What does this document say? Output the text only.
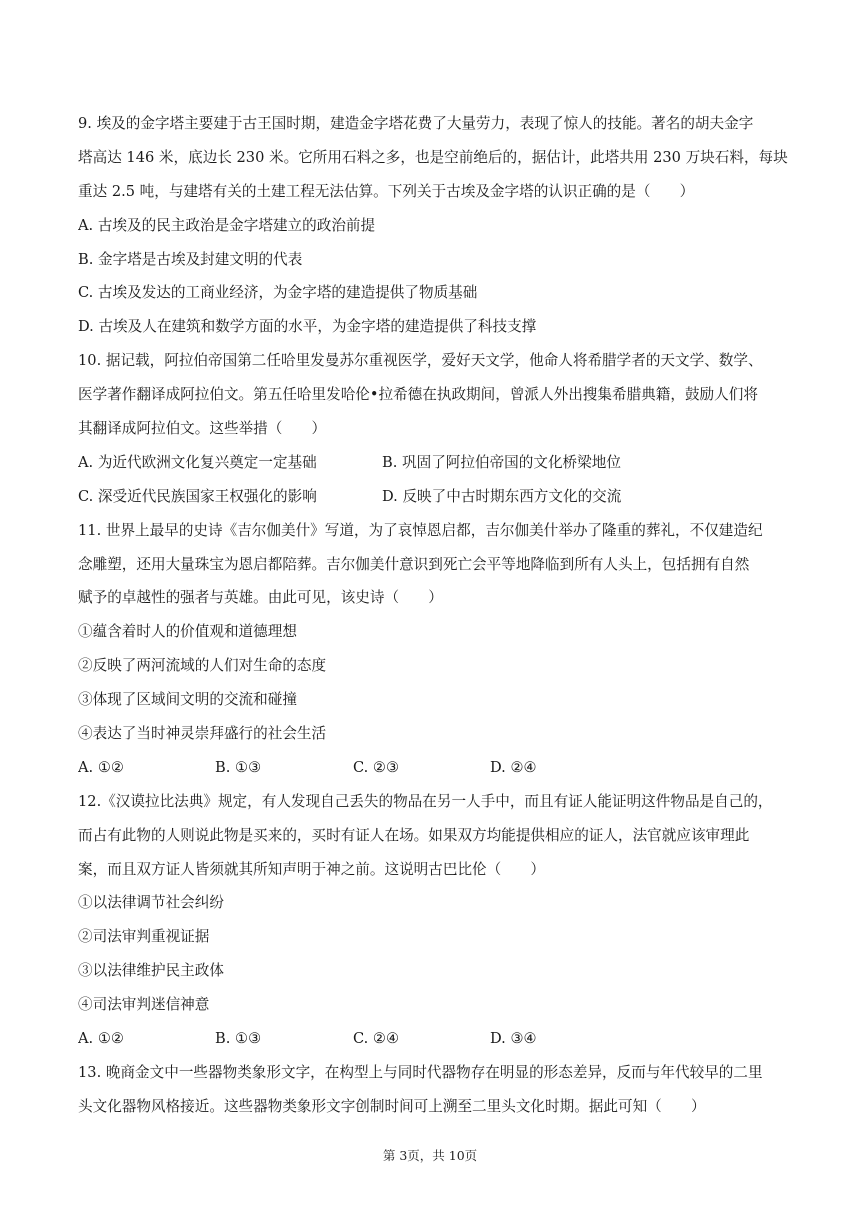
9. 埃及的金字塔主要建于古王国时期，建造金字塔花费了大量劳力，表现了惊人的技能。著名的胡夫金字
塔高达 146 米，底边长 230 米。它所用石料之多，也是空前绝后的，据估计，此塔共用 230 万块石料，每块
重达 2.5 吨，与建塔有关的土建工程无法估算。下列关于古埃及金字塔的认识正确的是（　　）
A. 古埃及的民主政治是金字塔建立的政治前提
B. 金字塔是古埃及封建文明的代表
C. 古埃及发达的工商业经济，为金字塔的建造提供了物质基础
D. 古埃及人在建筑和数学方面的水平，为金字塔的建造提供了科技支撑
10. 据记载，阿拉伯帝国第二任哈里发曼苏尔重视医学，爱好天文学，他命人将希腊学者的天文学、数学、
医学著作翻译成阿拉伯文。第五任哈里发哈伦•拉希德在执政期间，曾派人外出搜集希腊典籍，鼓励人们将
其翻译成阿拉伯文。这些举措（　　）
A. 为近代欧洲文化复兴奠定一定基础	B. 巩固了阿拉伯帝国的文化桥梁地位
C. 深受近代民族国家王权强化的影响	D. 反映了中古时期东西方文化的交流
11. 世界上最早的史诗《吉尔伽美什》写道，为了哀悼恩启都，吉尔伽美什举办了隆重的葬礼，不仅建造纪
念雕塑，还用大量珠宝为恩启都陪葬。吉尔伽美什意识到死亡会平等地降临到所有人头上，包括拥有自然
赋予的卓越性的强者与英雄。由此可见，该史诗（　　）
①蕴含着时人的价值观和道德理想
②反映了两河流域的人们对生命的态度
③体现了区域间文明的交流和碰撞
④表达了当时神灵崇拜盛行的社会生活
A. ①②	B. ①③	C. ②③	D. ②④
12.《汉谟拉比法典》规定，有人发现自己丢失的物品在另一人手中，而且有证人能证明这件物品是自己的，
而占有此物的人则说此物是买来的，买时有证人在场。如果双方均能提供相应的证人，法官就应该审理此
案，而且双方证人皆须就其所知声明于神之前。这说明古巴比伦（　　）
①以法律调节社会纠纷
②司法审判重视证据
③以法律维护民主政体
④司法审判迷信神意
A. ①②	B. ①③	C. ②④	D. ③④
13. 晚商金文中一些器物类象形文字，在构型上与同时代器物存在明显的形态差异，反而与年代较早的二里
头文化器物风格接近。这些器物类象形文字创制时间可上溯至二里头文化时期。据此可知（　　）
第 3页，共 10页
